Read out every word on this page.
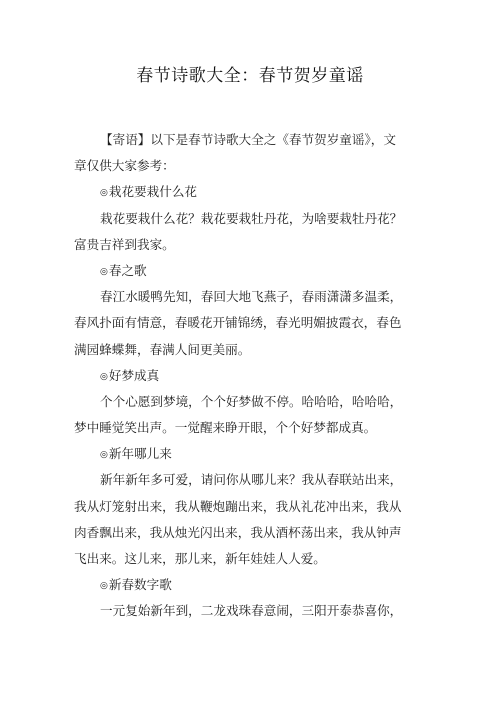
春节诗歌大全：春节贺岁童谣
【寄语】以下是春节诗歌大全之《春节贺岁童谣》，文
章仅供大家参考：
◎栽花要栽什么花
栽花要栽什么花？栽花要栽牡丹花，为啥要栽牡丹花？
富贵吉祥到我家。
◎春之歌
春江水暖鸭先知，春回大地飞燕子，春雨潇潇多温柔，
春风扑面有情意，春暖花开铺锦绣，春光明媚披霞衣，春色
满园蜂蝶舞，春满人间更美丽。
◎好梦成真
个个心愿到梦境，个个好梦做不停。哈哈哈，哈哈哈，
梦中睡觉笑出声。一觉醒来睁开眼，个个好梦都成真。
◎新年哪儿来
新年新年多可爱，请问你从哪儿来？我从春联站出来，
我从灯笼射出来，我从鞭炮蹦出来，我从礼花冲出来，我从
肉香飘出来，我从烛光闪出来，我从酒杯荡出来，我从钟声
飞出来。这儿来，那儿来，新年娃娃人人爱。
◎新春数字歌
一元复始新年到，二龙戏珠春意闹，三阳开泰恭喜你，
